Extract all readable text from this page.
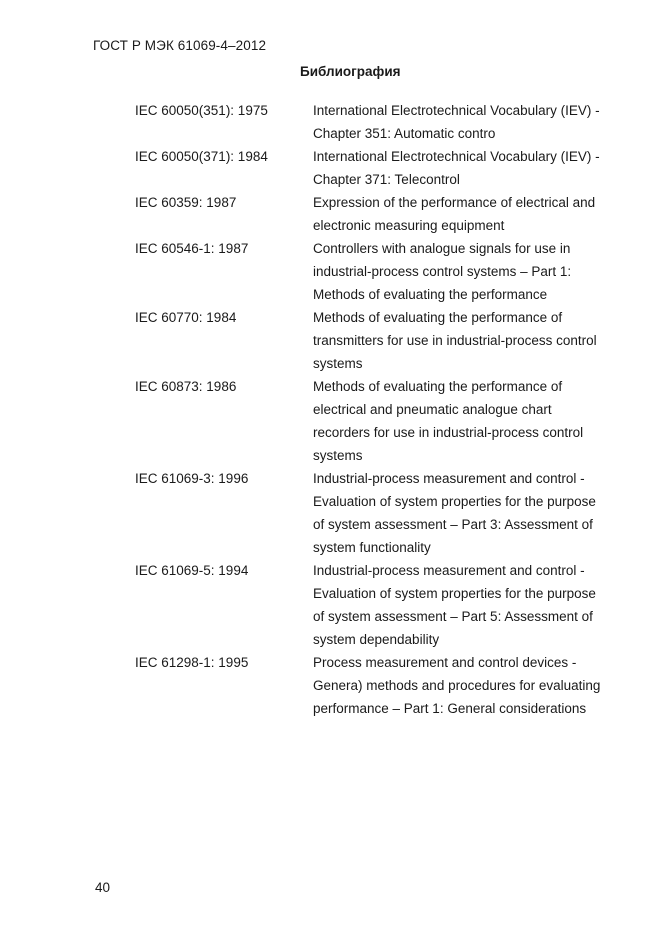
ГОСТ Р МЭК 61069-4–2012
Библиография
IEC 60050(351): 1975	International Electrotechnical Vocabulary (IEV) -
Chapter 351: Automatic contro
IEC 60050(371): 1984	International Electrotechnical Vocabulary (IEV) -
Chapter 371: Telecontrol
IEC 60359: 1987	Expression of the performance of electrical and
electronic measuring equipment
IEC 60546-1: 1987	Controllers with analogue signals for use in
industrial-process control systems – Part 1:
Methods of evaluating the performance
IEC 60770: 1984	Methods of evaluating the performance of
transmitters for use in industrial-process control
systems
IEC 60873: 1986	Methods of evaluating the performance of
electrical and pneumatic analogue chart
recorders for use in industrial-process control
systems
IEC 61069-3: 1996	Industrial-process measurement and control -
Evaluation of system properties for the purpose
of system assessment – Part 3: Assessment of
system functionality
IEC 61069-5: 1994	Industrial-process measurement and control -
Evaluation of system properties for the purpose
of system assessment – Part 5: Assessment of
system dependability
IEC 61298-1: 1995	Process measurement and control devices -
Genera) methods and procedures for evaluating
performance – Part 1: General considerations
40
